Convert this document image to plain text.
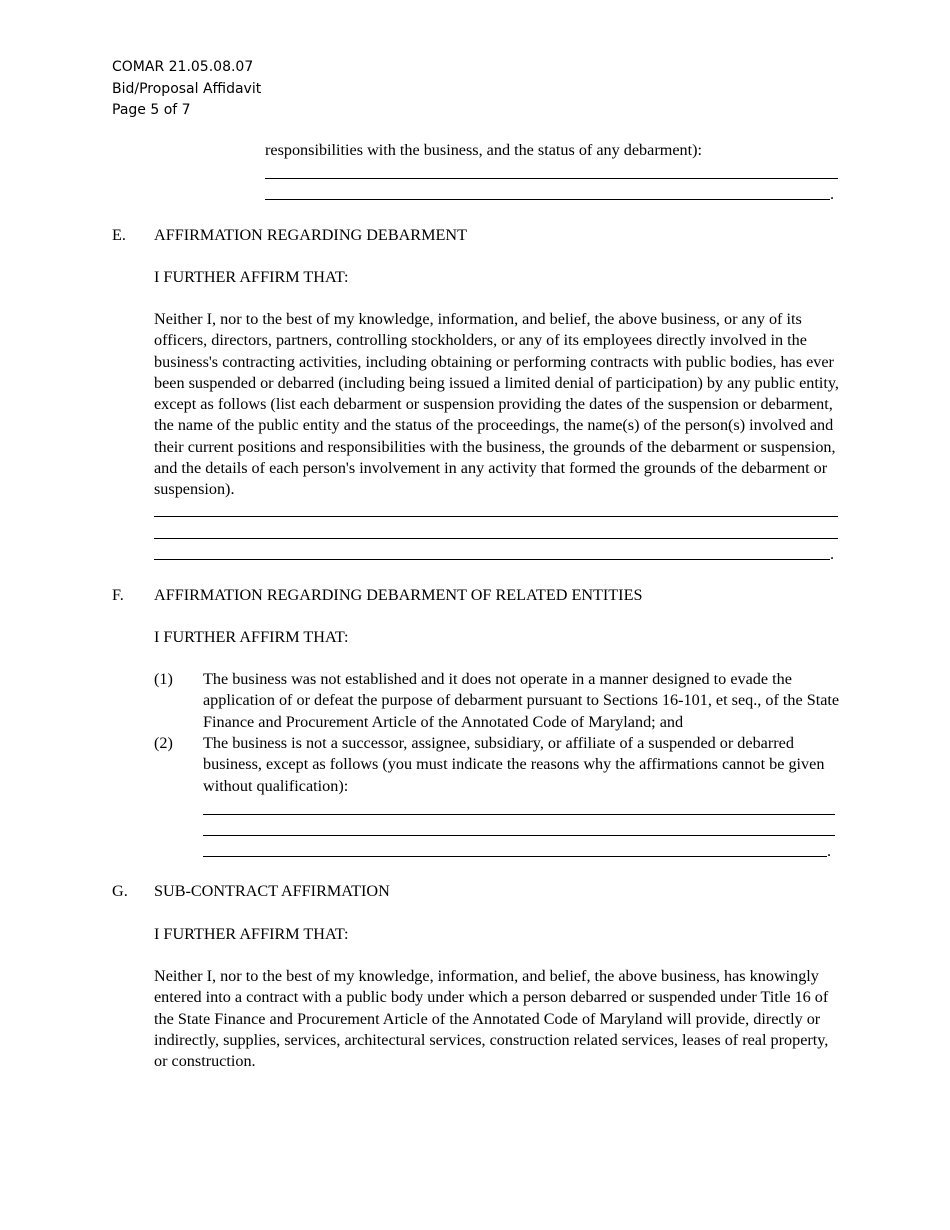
COMAR 21.05.08.07
Bid/Proposal Affidavit
Page 5 of 7
responsibilities with the business, and the status of any debarment):
.
E. AFFIRMATION REGARDING DEBARMENT
I FURTHER AFFIRM THAT:
Neither I, nor to the best of my knowledge, information, and belief, the above business, or any of its officers, directors, partners, controlling stockholders, or any of its employees directly involved in the business's contracting activities, including obtaining or performing contracts with public bodies, has ever been suspended or debarred (including being issued a limited denial of participation) by any public entity, except as follows (list each debarment or suspension providing the dates of the suspension or debarment, the name of the public entity and the status of the proceedings, the name(s) of the person(s) involved and their current positions and responsibilities with the business, the grounds of the debarment or suspension, and the details of each person's involvement in any activity that formed the grounds of the debarment or suspension).
.
F. AFFIRMATION REGARDING DEBARMENT OF RELATED ENTITIES
I FURTHER AFFIRM THAT:
(1) The business was not established and it does not operate in a manner designed to evade the application of or defeat the purpose of debarment pursuant to Sections 16-101, et seq., of the State Finance and Procurement Article of the Annotated Code of Maryland; and
(2) The business is not a successor, assignee, subsidiary, or affiliate of a suspended or debarred business, except as follows (you must indicate the reasons why the affirmations cannot be given without qualification):
.
G. SUB-CONTRACT AFFIRMATION
I FURTHER AFFIRM THAT:
Neither I, nor to the best of my knowledge, information, and belief, the above business, has knowingly entered into a contract with a public body under which a person debarred or suspended under Title 16 of the State Finance and Procurement Article of the Annotated Code of Maryland will provide, directly or indirectly, supplies, services, architectural services, construction related services, leases of real property, or construction.
